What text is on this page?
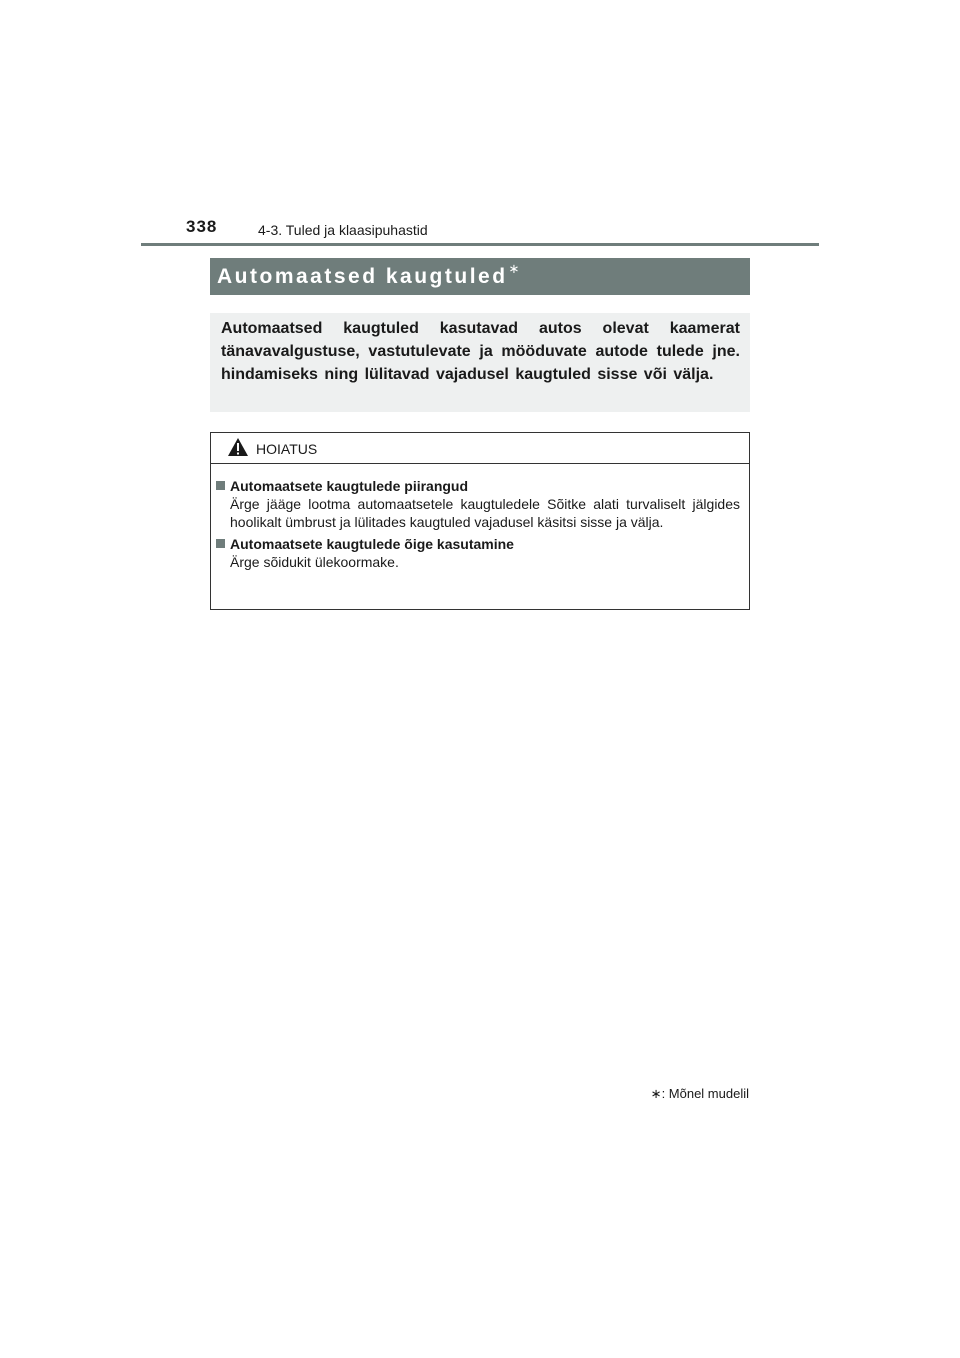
338	4-3. Tuled ja klaasipuhastid
Automaatsed kaugtuled∗

Automaatsed kaugtuled kasutavad autos olevat kaamerat tänavavalgustuse, vastutulevate ja mööduvate autode tulede jne. hindamiseks ning lülitavad vajadusel kaugtuled sisse või välja.

HOIATUS
Automaatsete kaugtulede piirangud
Ärge jääge lootma automaatsetele kaugtuledele Sõitke alati turvaliselt jälgides hoolikalt ümbrust ja lülitades kaugtuled vajadusel käsitsi sisse ja välja.
Automaatsete kaugtulede õige kasutamine
Ärge sõidukit ülekoormake.
∗: Mõnel mudelil
